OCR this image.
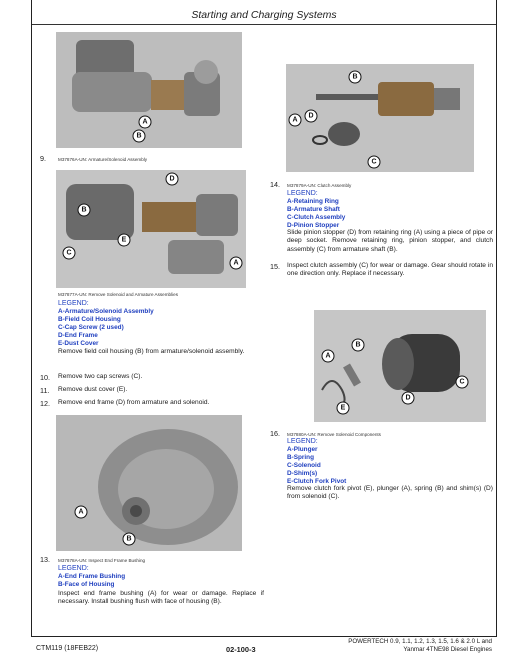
Starting and Charging Systems
A
B
9.	M37876A-UN: Armature/Solenoid Assembly
D
B
E
C
A
M37877A-UN: Remove Solenoid and Armature Assemblies
LEGEND:
A-Armature/Solenoid Assembly
B-Field Coil Housing
C-Cap Screw (2 used)
D-End Frame
E-Dust Cover
Remove field coil housing (B) from armature/solenoid assembly.
10. Remove two cap screws (C).
11. Remove dust cover (E).
12. Remove end frame (D) from armature and solenoid.
A
B
13. M37878A-UN: Inspect End Frame Bushing
LEGEND:
A-End Frame Bushing
B-Face of Housing
Inspect end frame bushing (A) for wear or damage. Replace if necessary. Install bushing flush with face of housing (B).
B
A
D
C
14. M37879A-UN: Clutch Assembly
LEGEND:
A-Retaining Ring
B-Armature Shaft
C-Clutch Assembly
D-Pinion Stopper
Slide pinion stopper (D) from retaining ring (A) using a piece of pipe or deep socket. Remove retaining ring, pinion stopper, and clutch assembly (C) from armature shaft (B).
15. Inspect clutch assembly (C) for wear or damage. Gear should rotate in one direction only. Replace if necessary.
B
A
C
D
E
16. M37880A-UN: Remove Solenoid Components
LEGEND:
A-Plunger
B-Spring
C-Solenoid
D-Shim(s)
E-Clutch Fork Pivot
Remove clutch fork pivot (E), plunger (A), spring (B) and shim(s) (D) from solenoid (C).
CTM119 (18FEB22)	02-100-3
POWERTECH 0.9, 1.1, 1.2, 1.3, 1.5, 1.6 & 2.0 L and
Yanmar 4TNE98 Diesel Engines
